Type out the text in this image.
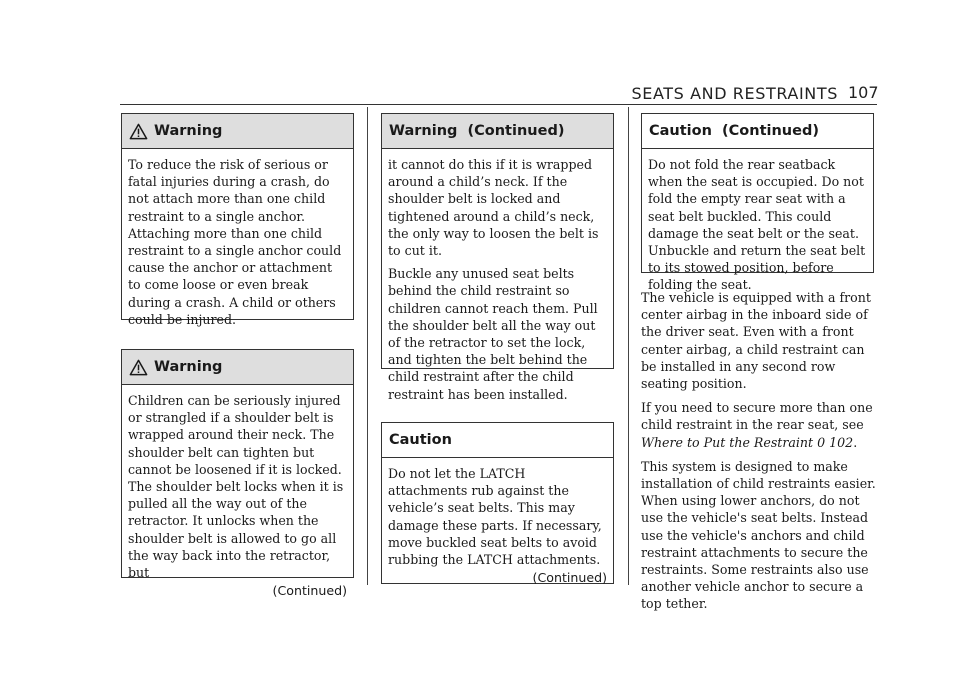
SEATS AND RESTRAINTS 107
Warning

To reduce the risk of serious or fatal injuries during a crash, do not attach more than one child restraint to a single anchor. Attaching more than one child restraint to a single anchor could cause the anchor or attachment to come loose or even break during a crash. A child or others could be injured.

Warning

Children can be seriously injured or strangled if a shoulder belt is wrapped around their neck. The shoulder belt can tighten but cannot be loosened if it is locked. The shoulder belt locks when it is pulled all the way out of the retractor. It unlocks when the shoulder belt is allowed to go all the way back into the retractor, but

(Continued)
Warning  (Continued)

it cannot do this if it is wrapped around a child’s neck. If the shoulder belt is locked and tightened around a child’s neck, the only way to loosen the belt is to cut it.

Buckle any unused seat belts behind the child restraint so children cannot reach them. Pull the shoulder belt all the way out of the retractor to set the lock, and tighten the belt behind the child restraint after the child restraint has been installed.

Caution

Do not let the LATCH attachments rub against the vehicle’s seat belts. This may damage these parts. If necessary, move buckled seat belts to avoid rubbing the LATCH attachments.

(Continued)
Caution  (Continued)

Do not fold the rear seatback when the seat is occupied. Do not fold the empty rear seat with a seat belt buckled. This could damage the seat belt or the seat. Unbuckle and return the seat belt to its stowed position, before folding the seat.

The vehicle is equipped with a front center airbag in the inboard side of the driver seat. Even with a front center airbag, a child restraint can be installed in any second row seating position.

If you need to secure more than one child restraint in the rear seat, see Where to Put the Restraint 0 102.

This system is designed to make installation of child restraints easier. When using lower anchors, do not use the vehicle's seat belts. Instead use the vehicle's anchors and child restraint attachments to secure the restraints. Some restraints also use another vehicle anchor to secure a top tether.
